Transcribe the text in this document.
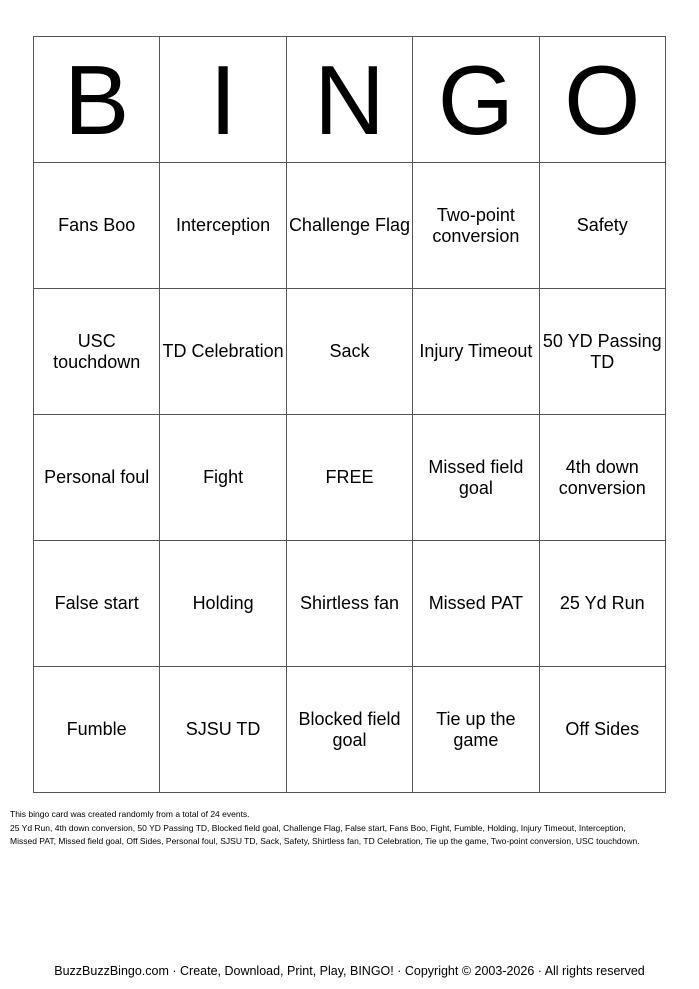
B	I	N	G	O
Fans Boo	Interception	Challenge Flag	Two-point conversion	Safety
USC touchdown	TD Celebration	Sack	Injury Timeout	50 YD Passing TD
Personal foul	Fight	FREE	Missed field goal	4th down conversion
False start	Holding	Shirtless fan	Missed PAT	25 Yd Run
Fumble	SJSU TD	Blocked field goal	Tie up the game	Off Sides

This bingo card was created randomly from a total of 24 events.

25 Yd Run, 4th down conversion, 50 YD Passing TD, Blocked field goal, Challenge Flag, False start, Fans Boo, Fight, Fumble, Holding, Injury Timeout, Interception, Missed PAT, Missed field goal, Off Sides, Personal foul, SJSU TD, Sack, Safety, Shirtless fan, TD Celebration, Tie up the game, Two-point conversion, USC touchdown.

BuzzBuzzBingo.com · Create, Download, Print, Play, BINGO! · Copyright © 2003-2026 · All rights reserved
